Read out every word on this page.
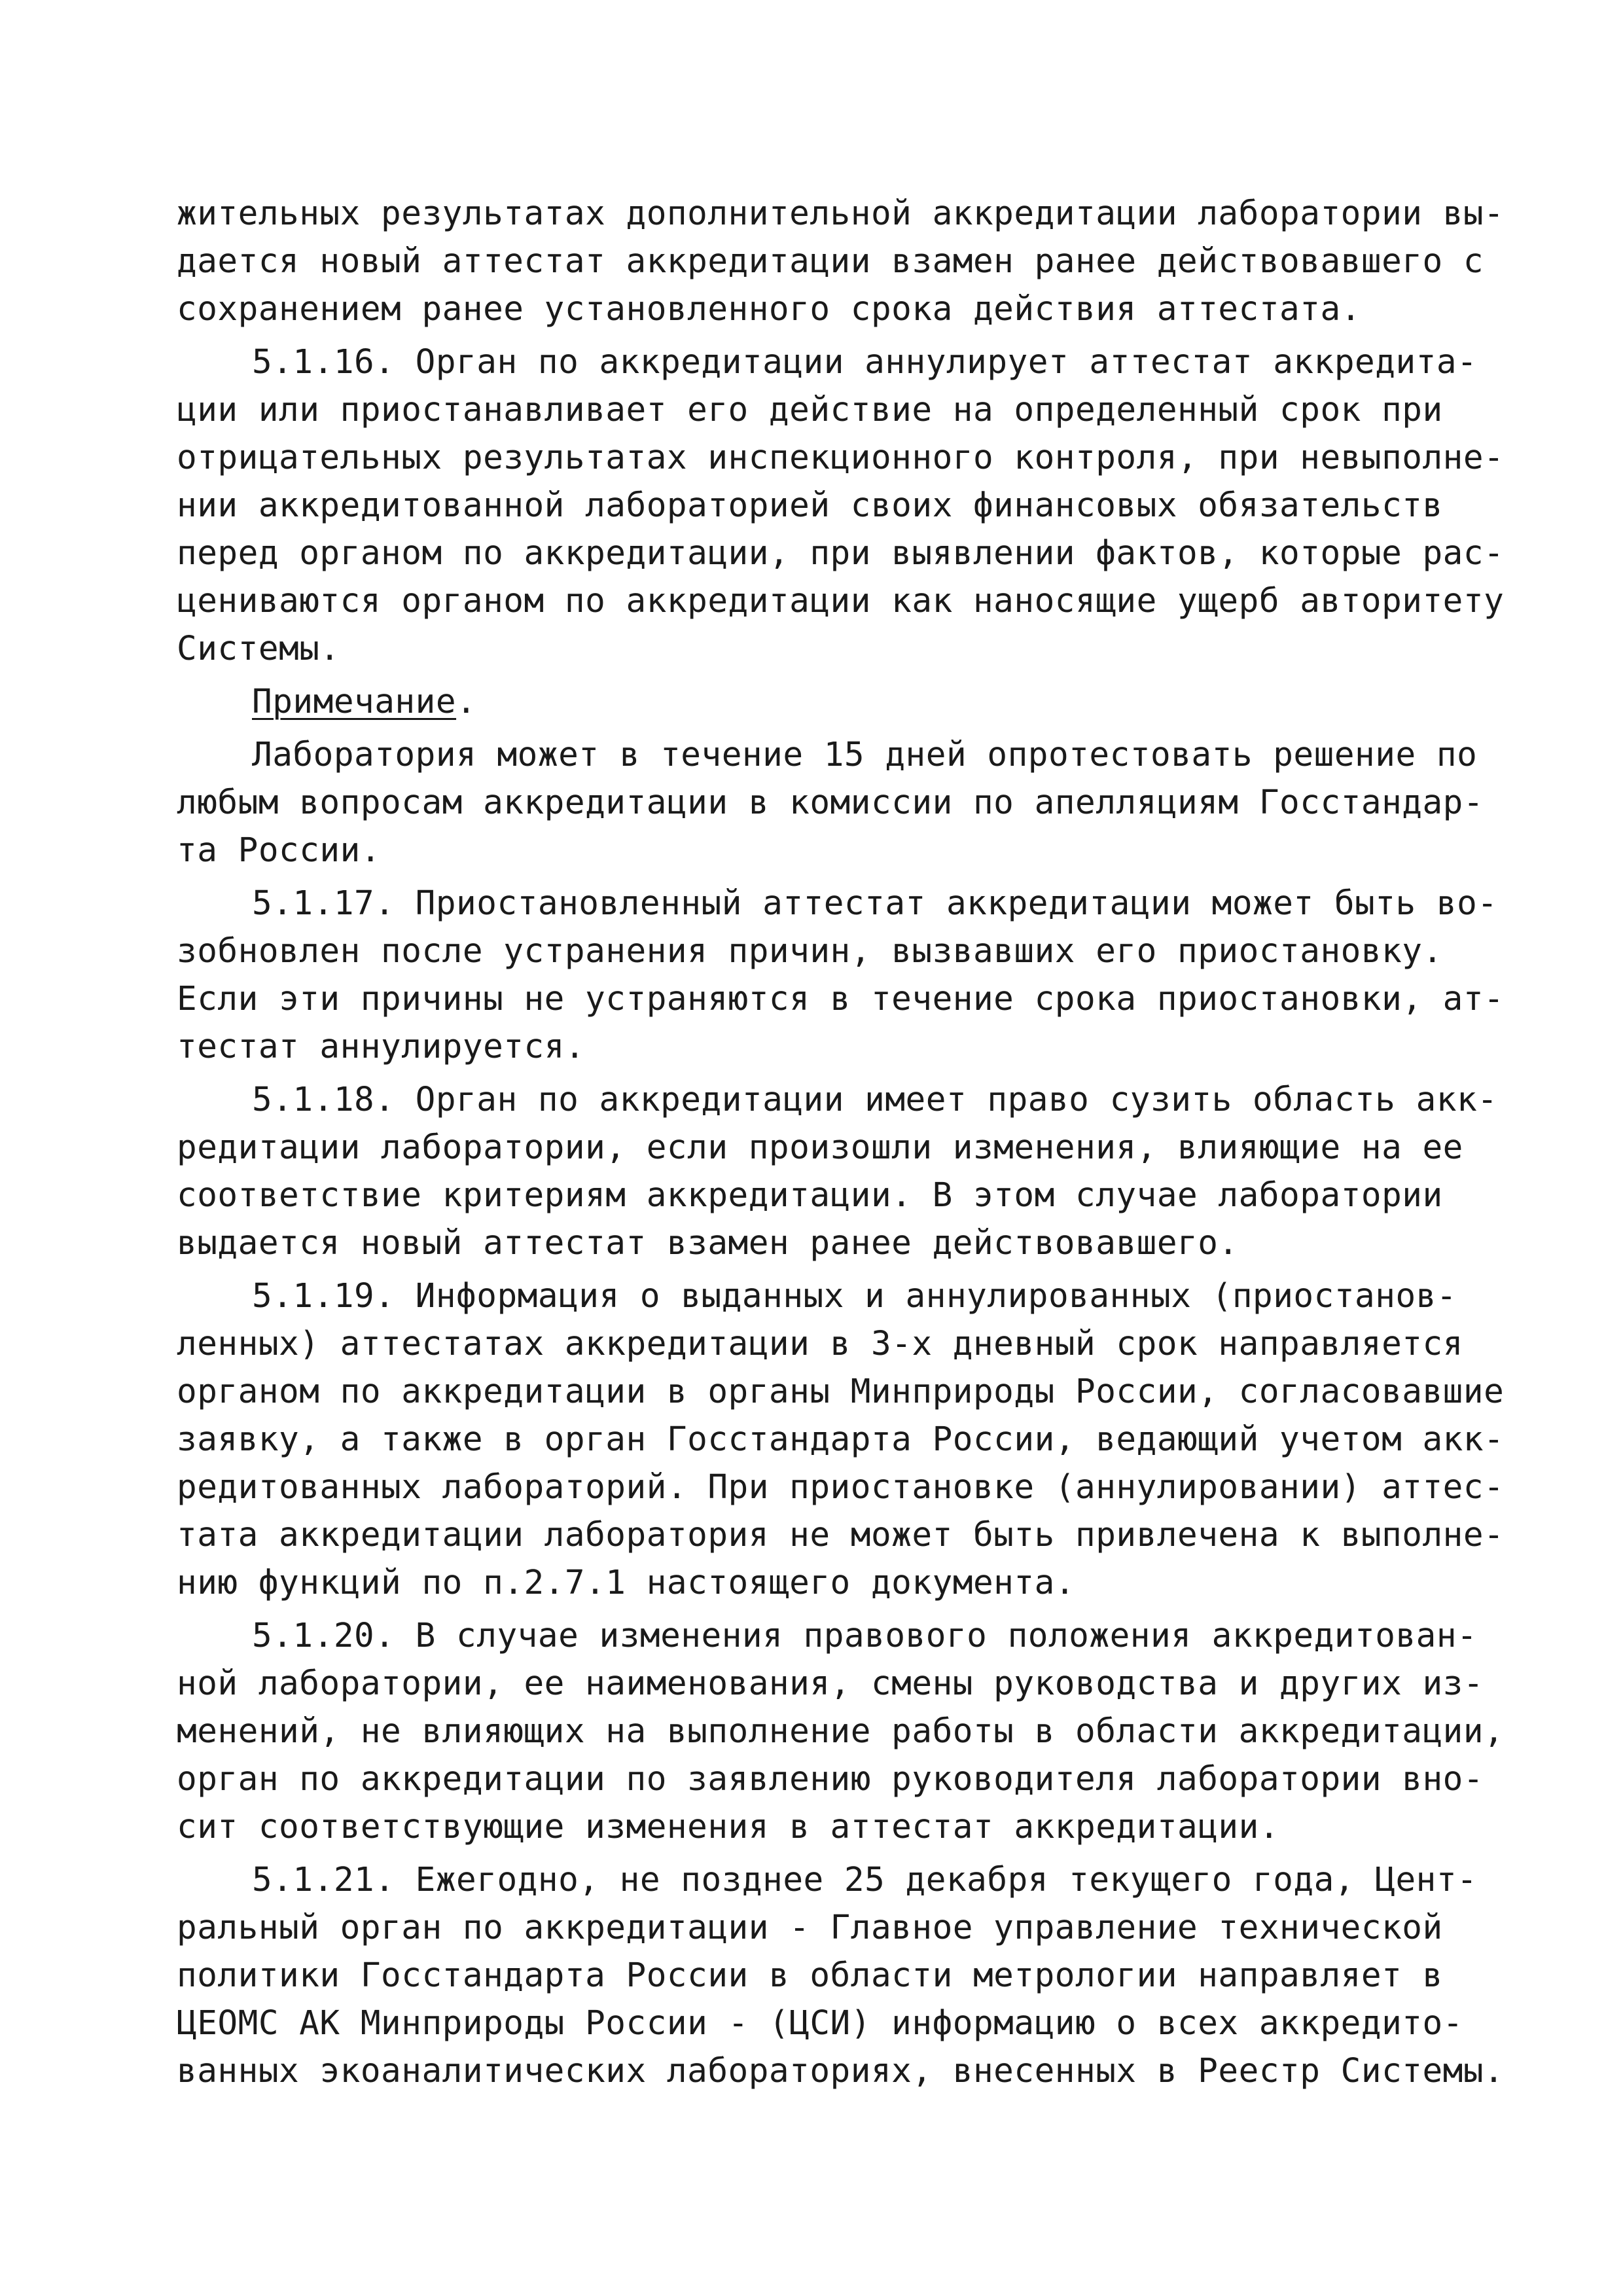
жительных результатах дополнительной аккредитации лаборатории вы-
дается новый аттестат аккредитации взамен ранее действовавшего с
сохранением ранее установленного срока действия аттестата.
5.1.16. Орган по аккредитации аннулирует аттестат аккредита-
ции или приостанавливает его действие на определенный срок при
отрицательных результатах инспекционного контроля, при невыполне-
нии аккредитованной лабораторией своих финансовых обязательств
перед органом по аккредитации, при выявлении фактов, которые рас-
цениваются органом по аккредитации как наносящие ущерб авторитету
Системы.
Примечание.
Лаборатория может в течение 15 дней опротестовать решение по
любым вопросам аккредитации в комиссии по апелляциям Госстандар-
та России.
5.1.17. Приостановленный аттестат аккредитации может быть во-
зобновлен после устранения причин, вызвавших его приостановку.
Если эти причины не устраняются в течение срока приостановки, ат-
тестат аннулируется.
5.1.18. Орган по аккредитации имеет право сузить область акк-
редитации лаборатории, если произошли изменения, влияющие на ее
соответствие критериям аккредитации. В этом случае лаборатории
выдается новый аттестат взамен ранее действовавшего.
5.1.19. Информация о выданных и аннулированных (приостанов-
ленных) аттестатах аккредитации в 3-х дневный срок направляется
органом по аккредитации в органы Минприроды России, согласовавшие
заявку, а также в орган Госстандарта России, ведающий учетом акк-
редитованных лабораторий. При приостановке (аннулировании) аттес-
тата аккредитации лаборатория не может быть привлечена к выполне-
нию функций по п.2.7.1 настоящего документа.
5.1.20. В случае изменения правового положения аккредитован-
ной лаборатории, ее наименования, смены руководства и других из-
менений, не влияющих на выполнение работы в области аккредитации,
орган по аккредитации по заявлению руководителя лаборатории вно-
сит соответствующие изменения в аттестат аккредитации.
5.1.21. Ежегодно, не позднее 25 декабря текущего года, Цент-
ральный орган по аккредитации - Главное управление технической
политики Госстандарта России в области метрологии направляет в
ЦЕОМС АК Минприроды России - (ЦСИ) информацию о всех аккредито-
ванных экоаналитических лабораториях, внесенных в Реестр Системы.
